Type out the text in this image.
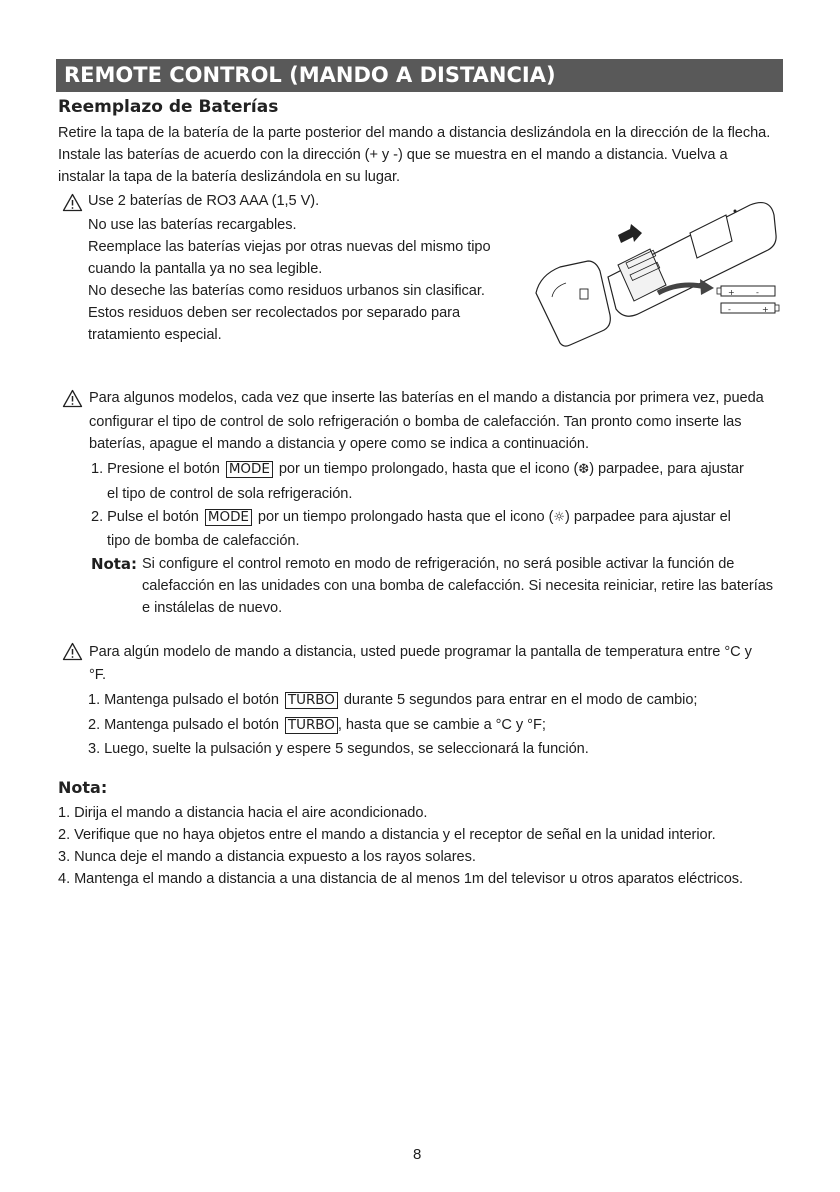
REMOTE CONTROL (MANDO A DISTANCIA)
Reemplazo de Baterías
Retire la tapa de la batería de la parte posterior del mando a distancia deslizándola en la dirección de la flecha.
Instale las baterías de acuerdo con la dirección (+ y -) que se muestra en el mando a distancia. Vuelva a
instalar la tapa de la batería deslizándola en su lugar.
Use 2 baterías de RO3 AAA (1,5 V).
No use las baterías recargables.
Reemplace las baterías viejas por otras nuevas del mismo tipo
cuando la pantalla ya no sea legible.
No deseche las baterías como residuos urbanos sin clasificar.
Estos residuos deben ser recolectados por separado para
tratamiento especial.
+	-
-	+
Para algunos modelos, cada vez que inserte las baterías en el mando a distancia por primera vez, pueda
configurar el tipo de control de solo refrigeración o bomba de calefacción. Tan pronto como inserte las
baterías, apague el mando a distancia y opere como se indica a continuación.
1. Presione el botón MODE por un tiempo prolongado, hasta que el icono (❆) parpadee, para ajustar
el tipo de control de sola refrigeración.
2. Pulse el botón MODE por un tiempo prolongado hasta que el icono (☼) parpadee para ajustar el
tipo de bomba de calefacción.
Nota: Si configure el control remoto en modo de refrigeración, no será posible activar la función de
calefacción en las unidades con una bomba de calefacción. Si necesita reiniciar, retire las baterías
e instálelas de nuevo.
Para algún modelo de mando a distancia, usted puede programar la pantalla de temperatura entre °C y
°F.
1. Mantenga pulsado el botón TURBO durante 5 segundos para entrar en el modo de cambio;
2. Mantenga pulsado el botón TURBO , hasta que se cambie a °C y °F;
3. Luego, suelte la pulsación y espere 5 segundos, se seleccionará la función.
Nota:
1. Dirija el mando a distancia hacia el aire acondicionado.
2. Verifique que no haya objetos entre el mando a distancia y el receptor de señal en la unidad interior.
3. Nunca deje el mando a distancia expuesto a los rayos solares.
4. Mantenga el mando a distancia a una distancia de al menos 1m del televisor u otros aparatos eléctricos.
8
